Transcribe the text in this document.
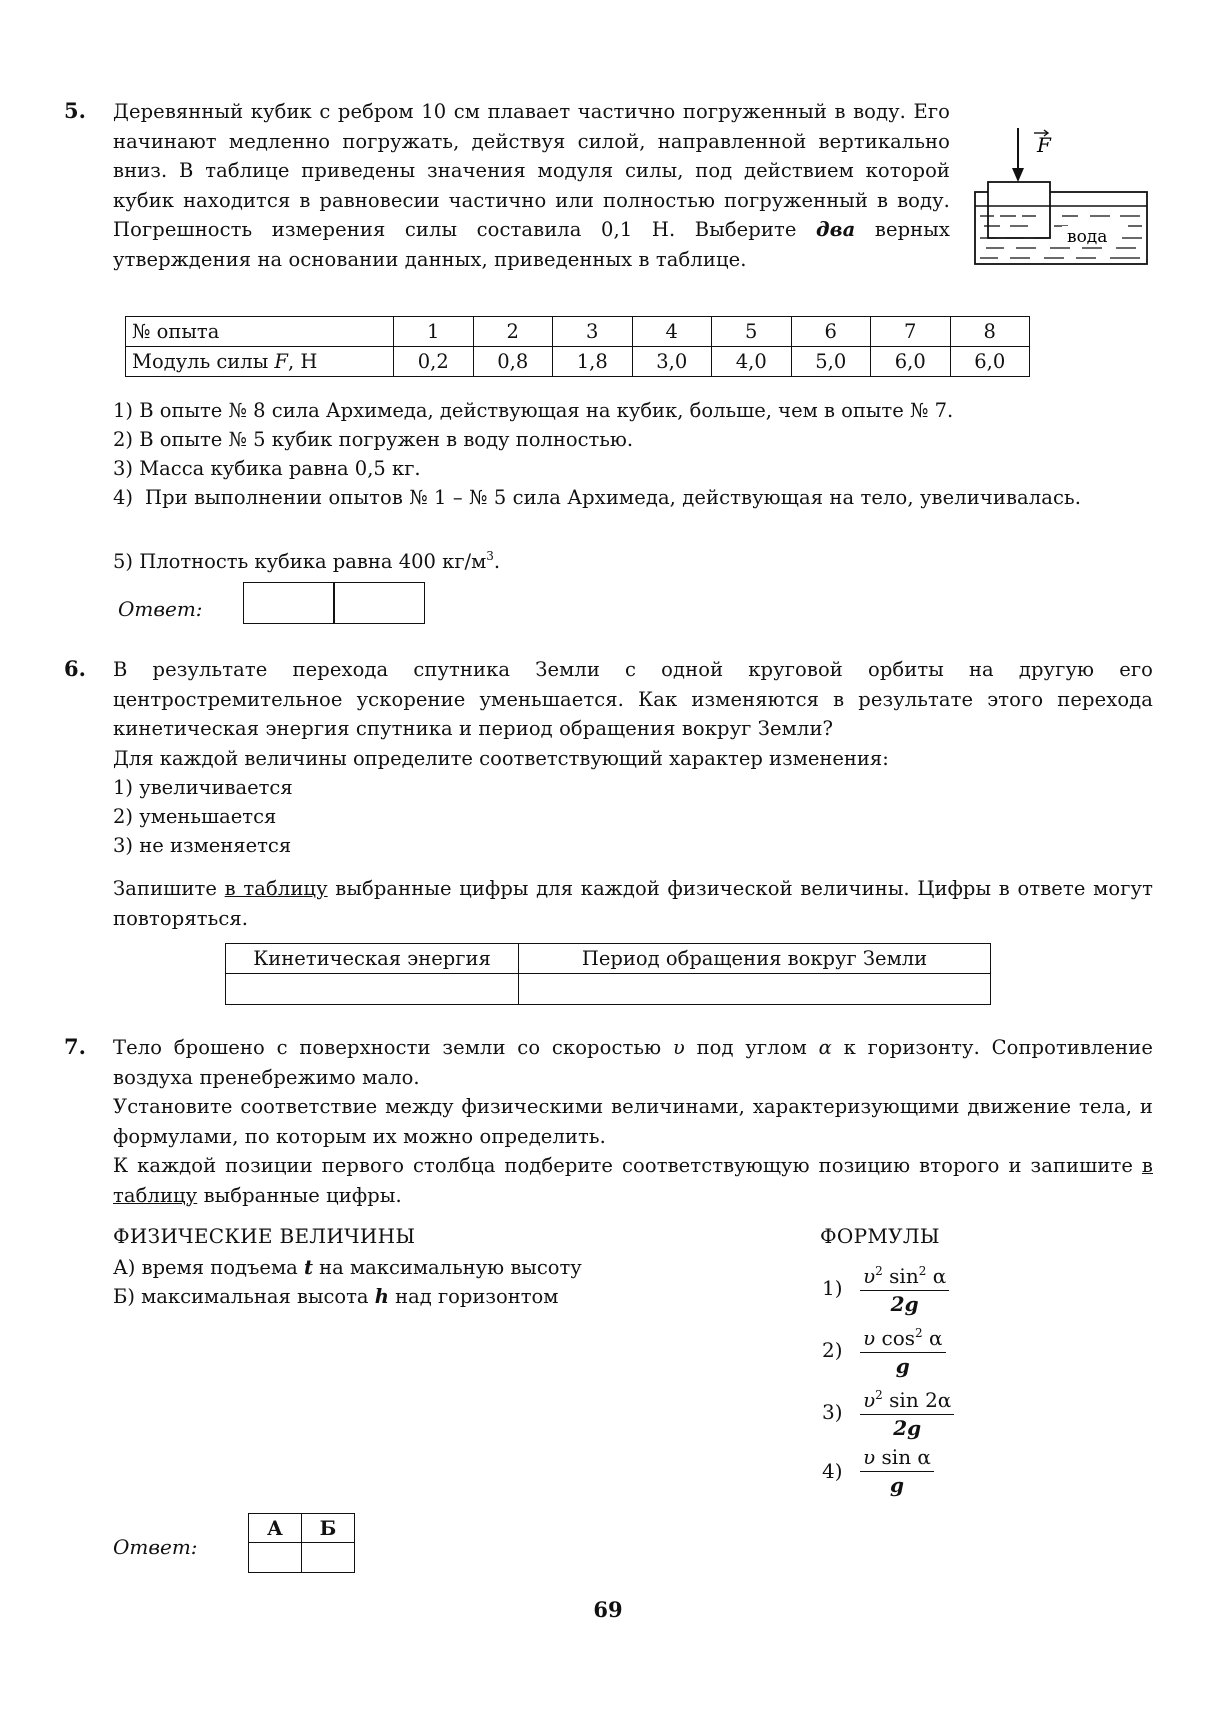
5. Деревянный кубик с ребром 10 см плавает частично погруженный в воду. Его начинают медленно погружать, действуя силой, направленной вертикально вниз. В таблице приведены значения модуля силы, под действием которой кубик находится в равновесии частично или полностью погруженный в воду. Погрешность измерения силы составила 0,1 Н. Выберите два верных утверждения на основании данных, приведенных в таблице.
F
вода
№ опыта	1	2	3	4	5	6	7	8
Модуль силы F, Н	0,2	0,8	1,8	3,0	4,0	5,0	6,0	6,0
1) В опыте № 8 сила Архимеда, действующая на кубик, больше, чем в опыте № 7.
2) В опыте № 5 кубик погружен в воду полностью.
3) Масса кубика равна 0,5 кг.
4) При выполнении опытов № 1 – № 5 сила Архимеда, действующая на тело, увеличивалась.
5) Плотность кубика равна 400 $кг/м^3$.
Ответ:
6. В результате перехода спутника Земли с одной круговой орбиты на другую его центростремительное ускорение уменьшается. Как изменяются в результате этого перехода кинетическая энергия спутника и период обращения вокруг Земли?
Для каждой величины определите соответствующий характер изменения:
1) увеличивается
2) уменьшается
3) не изменяется
Запишите в таблицу выбранные цифры для каждой физической величины. Цифры в ответе могут повторяться.
Кинетическая энергия	Период обращения вокруг Земли

7. Тело брошено с поверхности земли со скоростью υ под углом α к горизонту. Сопротивление воздуха пренебрежимо мало.
Установите соответствие между физическими величинами, характеризующими движение тела, и формулами, по которым их можно определить.
К каждой позиции первого столбца подберите соответствующую позицию второго и запишите в таблицу выбранные цифры.
ФИЗИЧЕСКИЕ ВЕЛИЧИНЫ	ФОРМУЛЫ
А) время подъема t на максимальную высоту
Б) максимальная высота h над горизонтом	$1) \frac{\upsilon^2 \sin^2 \alpha}{2g}$
$2) \frac{\upsilon \cos^2 \alpha}{g}$
$3) \frac{\upsilon^2 \sin 2\alpha}{2g}$
$4) \frac{\text{υ sin α}}{g}$
Ответ:
А	Б

69
